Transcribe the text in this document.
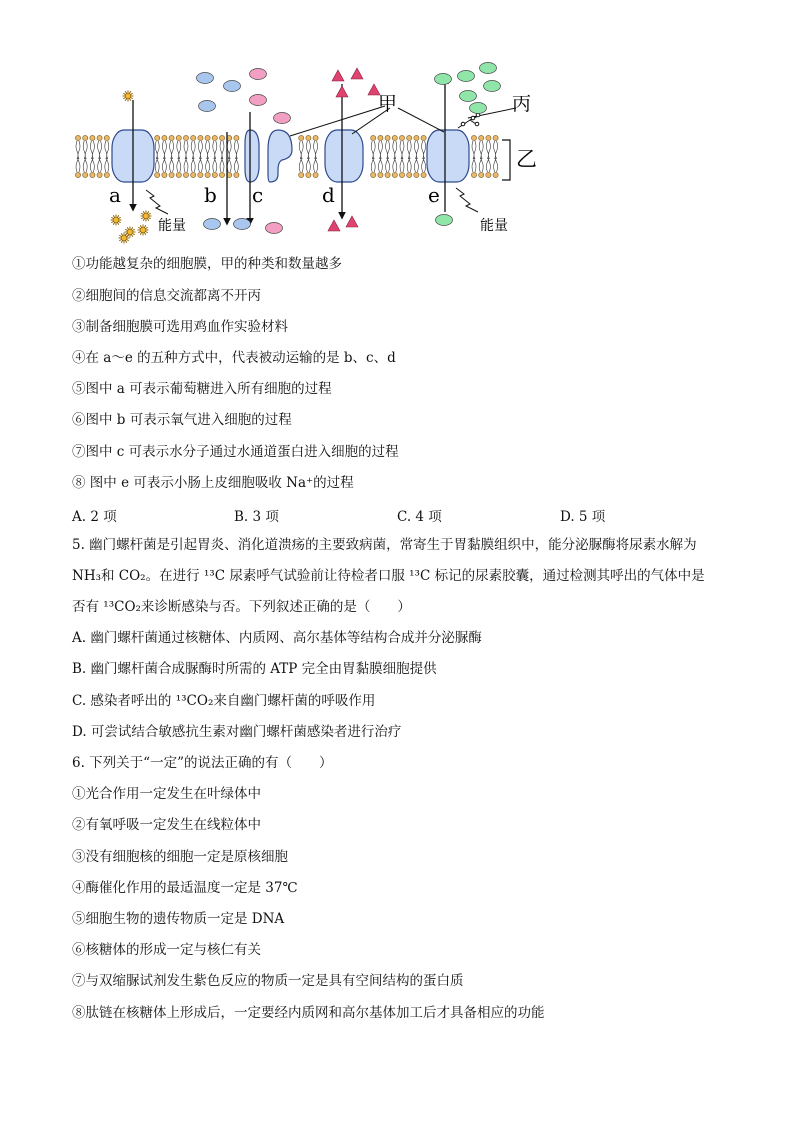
甲	丙
乙
a	b c	d	e
能量	能量
①功能越复杂的细胞膜，甲的种类和数量越多
②细胞间的信息交流都离不开丙
③制备细胞膜可选用鸡血作实验材料
④在 a～e 的五种方式中，代表被动运输的是 b、c、d
⑤图中 a 可表示葡萄糖进入所有细胞的过程
⑥图中 b 可表示氧气进入细胞的过程
⑦图中 c 可表示水分子通过水通道蛋白进入细胞的过程
⑧ 图中 e 可表示小肠上皮细胞吸收 Na⁺的过程
A. 2 项	B. 3 项	C. 4 项	D. 5 项
5. 幽门螺杆菌是引起胃炎、消化道溃疡的主要致病菌，常寄生于胃黏膜组织中，能分泌脲酶将尿素水解为
NH₃和 CO₂。在进行 ¹³C 尿素呼气试验前让待检者口服 ¹³C 标记的尿素胶囊，通过检测其呼出的气体中是
否有 ¹³CO₂来诊断感染与否。下列叙述正确的是（　　）
A. 幽门螺杆菌通过核糖体、内质网、高尔基体等结构合成并分泌脲酶
B. 幽门螺杆菌合成脲酶时所需的 ATP 完全由胃黏膜细胞提供
C. 感染者呼出的 ¹³CO₂来自幽门螺杆菌的呼吸作用
D. 可尝试结合敏感抗生素对幽门螺杆菌感染者进行治疗
6. 下列关于“一定”的说法正确的有（　　）
①光合作用一定发生在叶绿体中
②有氧呼吸一定发生在线粒体中
③没有细胞核的细胞一定是原核细胞
④酶催化作用的最适温度一定是 37℃
⑤细胞生物的遗传物质一定是 DNA
⑥核糖体的形成一定与核仁有关
⑦与双缩脲试剂发生紫色反应的物质一定是具有空间结构的蛋白质
⑧肽链在核糖体上形成后，一定要经内质网和高尔基体加工后才具备相应的功能
